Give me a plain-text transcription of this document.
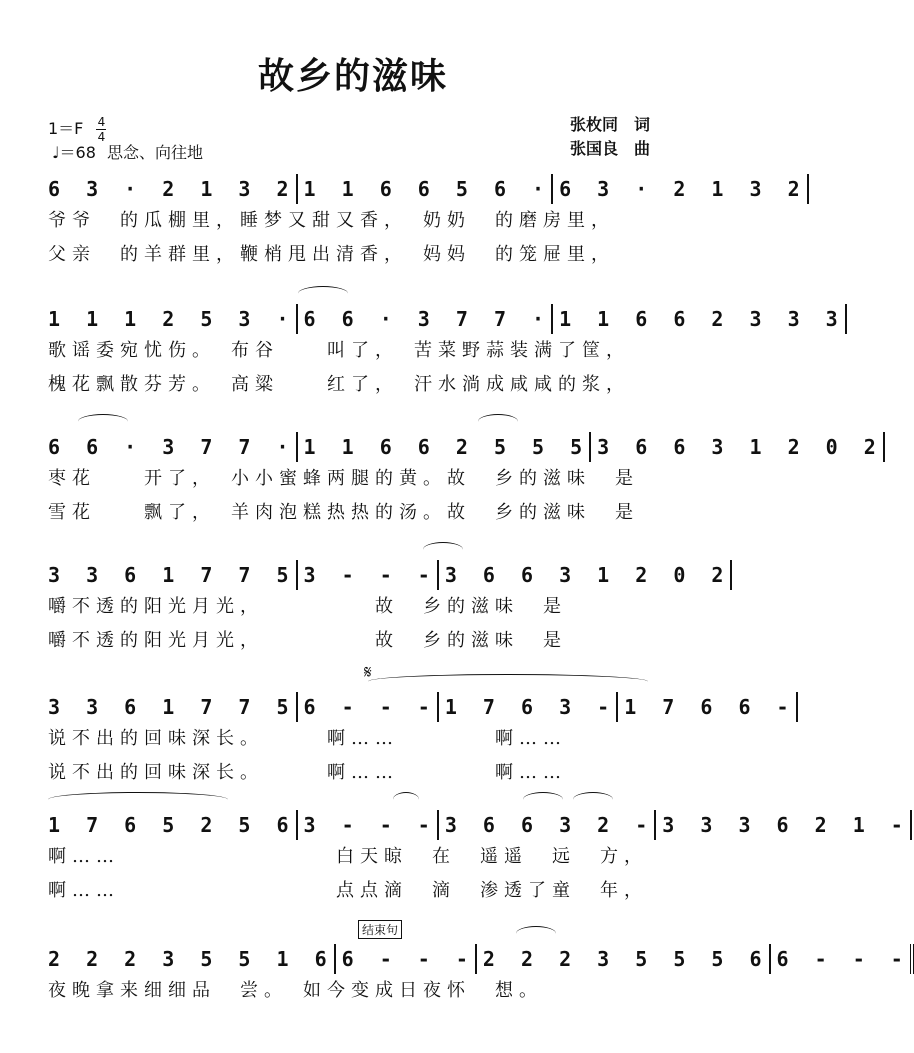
故乡的滋味
$1=F \frac{4}{4}$
♩＝68 思念、向往地
张枚同　词
张国良　曲
6 3 · 2 1 3 2 1 1 6 6 5 6 · 6 3 · 2 1 3 2
爷爷　的瓜棚里，睡梦又甜又香，　奶奶　的磨房里，
父亲　的羊群里，鞭梢甩出清香，　妈妈　的笼屉里，
1 1 1 2 5 3 · 6 6 · 3 7 7 · 1 1 6 6 2 3 3 3
歌谣委宛忧伤。　布谷　　叫了，　苦菜野蒜装满了筐，
槐花飘散芬芳。　高粱　　红了，　汗水淌成咸咸的浆，
6 6 · 3 7 7 · 1 1 6 6 2 5 5 5 3 6 6 3 1 2 0 2
枣花　　开了，　小小蜜蜂两腿的黄。故　乡的滋味　是
雪花　　飘了，　羊肉泡糕热热的汤。故　乡的滋味　是
3 3 6 1 7 7 5 3 - - - 3 6 6 3 1 2 0 2
嚼不透的阳光月光，　　　　　故　乡的滋味　是
嚼不透的阳光月光，　　　　　故　乡的滋味　是
𝄋
3 3 6 1 7 7 5 6 - - - 1 7 6 3 - 1 7 6 6 -
说不出的回味深长。　　　啊……　　　　啊……
说不出的回味深长。　　　啊……　　　　啊……
1 7 6 5 2 5 6 3 - - - 3 6 6 3 2 - 3 3 3 6 2 1 -
啊……　　　　　　　　　白天晾　在　遥遥　远　方，
啊……　　　　　　　　　点点滴　滴　渗透了童　年，
结束句
2 2 2 3 5 5 1 6 6 - - - 2 2 2 3 5 5 5 6 6 - - -
夜晚拿来细细品　尝。　如今变成日夜怀　想。
